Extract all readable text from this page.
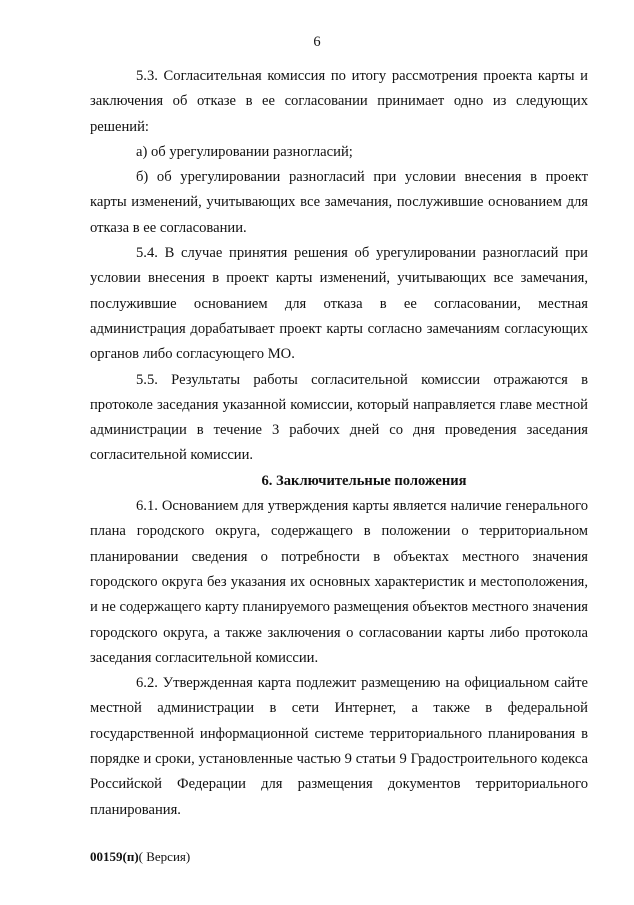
6

5.3. Согласительная комиссия по итогу рассмотрения проекта карты и заключения об отказе в ее согласовании принимает одно из следующих решений:

а) об урегулировании разногласий;

б) об урегулировании разногласий при условии внесения в проект карты изменений, учитывающих все замечания, послужившие основанием для отказа в ее согласовании.

5.4. В случае принятия решения об урегулировании разногласий при условии внесения в проект карты изменений, учитывающих все замечания, послужившие основанием для отказа в ее согласовании, местная администрация дорабатывает проект карты согласно замечаниям согласующих органов либо согласующего МО.

5.5. Результаты работы согласительной комиссии отражаются в протоколе заседания указанной комиссии, который направляется главе местной администрации в течение 3 рабочих дней со дня проведения заседания согласительной комиссии.

6. Заключительные положения

6.1. Основанием для утверждения карты является наличие генерального плана городского округа, содержащего в положении о территориальном планировании сведения о потребности в объектах местного значения городского округа без указания их основных характеристик и местоположения, и не содержащего карту планируемого размещения объектов местного значения городского округа, а также заключения о согласовании карты либо протокола заседания согласительной комиссии.

6.2. Утвержденная карта подлежит размещению на официальном сайте местной администрации в сети Интернет, а также в федеральной государственной информационной системе территориального планирования в порядке и сроки, установленные частью 9 статьи 9 Градостроительного кодекса Российской Федерации для размещения документов территориального планирования.

00159(п)( Версия)
